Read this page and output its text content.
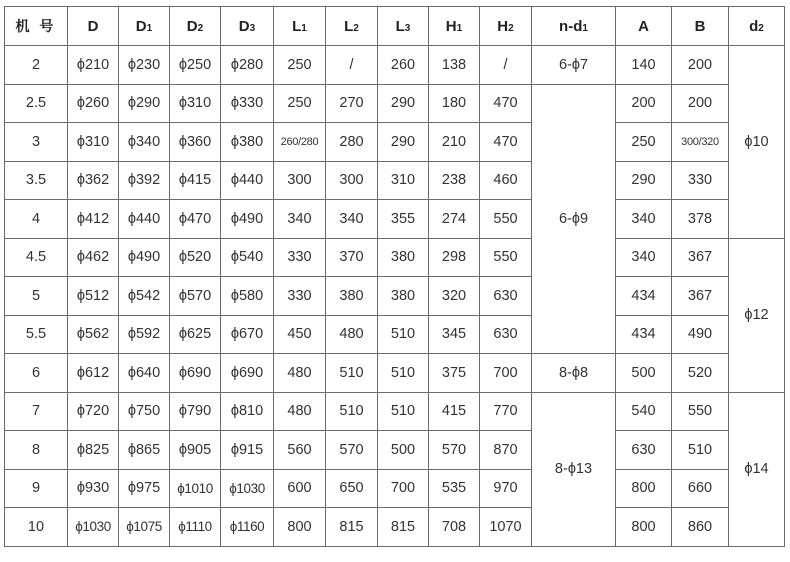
机 号	D	D1	D2	D3	L1	L2	L3	H1	H2	n-d1	A	B	d2
2	ϕ210	ϕ230	ϕ250	ϕ280	250	/	260	138	/	6-ϕ7	140	200	ϕ10
2.5	ϕ260	ϕ290	ϕ310	ϕ330	250	270	290	180	470	6-ϕ9	200	200	
3	ϕ310	ϕ340	ϕ360	ϕ380	260/280	280	290	210	470		250	300/320	
3.5	ϕ362	ϕ392	ϕ415	ϕ440	300	300	310	238	460		290	330	
4	ϕ412	ϕ440	ϕ470	ϕ490	340	340	355	274	550		340	378	
4.5	ϕ462	ϕ490	ϕ520	ϕ540	330	370	380	298	550		340	367	ϕ12
5	ϕ512	ϕ542	ϕ570	ϕ580	330	380	380	320	630		434	367	
5.5	ϕ562	ϕ592	ϕ625	ϕ670	450	480	510	345	630		434	490	
6	ϕ612	ϕ640	ϕ690	ϕ690	480	510	510	375	700	8-ϕ8	500	520	
7	ϕ720	ϕ750	ϕ790	ϕ810	480	510	510	415	770	8-ϕ13	540	550	ϕ14
8	ϕ825	ϕ865	ϕ905	ϕ915	560	570	500	570	870		630	510	
9	ϕ930	ϕ975	ϕ1010	ϕ1030	600	650	700	535	970		800	660	
10	ϕ1030	ϕ1075	ϕ1110	ϕ1160	800	815	815	708	1070		800	860	
